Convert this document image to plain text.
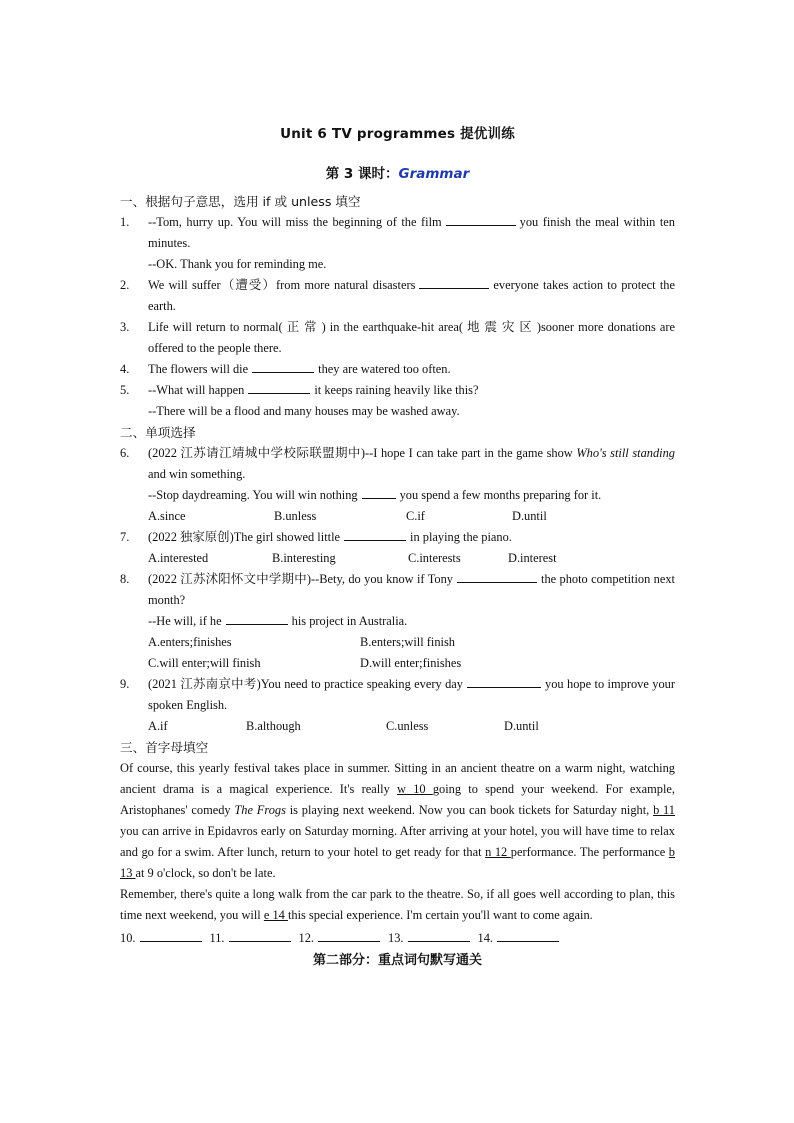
Unit 6 TV programmes 提优训练
第 3 课时：Grammar
一、根据句子意思，选用 if 或 unless 填空
1.	--Tom, hurry up. You will miss the beginning of the film	you finish the meal within ten minutes.
--OK. Thank you for reminding me.
2.	We will suffer（遭受）from more natural disasters	everyone takes action to protect the earth.
3.	Life will return to normal( 正 常 ) in the earthquake-hit area( 地 震 灾 区 )sooner more donations are offered to the people there.
4.	The flowers will die	they are watered too often.
5.	--What will happen	it keeps raining heavily like this?
--There will be a flood and many houses may be washed away.
二、单项选择
6.	(2022 江苏请江靖城中学校际联盟期中)--I hope I can take part in the game show Who's still standing and win something.
--Stop daydreaming. You will win nothing	you spend a few months preparing for it.
A.since	B.unless	C.if	D.until
7.	(2022 独家原创)The girl showed little	in playing the piano.
A.interested	B.interesting	C.interests	D.interest
8.	(2022 江苏沭阳怀文中学期中)--Bety, do you know if Tony	the photo competition next month?
--He will, if he	his project in Australia.
A.enters;finishes	B.enters;will finish
C.will enter;will finish	D.will enter;finishes
9.	(2021 江苏南京中考)You need to practice speaking every day	you hope to improve your spoken English.
A.if	B.although	C.unless	D.until
三、首字母填空
Of course, this yearly festival takes place in summer. Sitting in an ancient theatre on a warm night, watching ancient drama is a magical experience. It's really w 10 going to spend your weekend. For example, Aristophanes' comedy The Frogs is playing next weekend. Now you can book tickets for Saturday night, b 11 you can arrive in Epidavros early on Saturday morning. After arriving at your hotel, you will have time to relax and go for a swim. After lunch, return to your hotel to get ready for that n 12 performance. The performance b 13 at 9 o'clock, so don't be late.
Remember, there's quite a long walk from the car park to the theatre. So, if all goes well according to plan, this time next weekend, you will e 14 this special experience. I'm certain you'll want to come again.
10.	11.	12.	13.	14.
第二部分：重点词句默写通关
